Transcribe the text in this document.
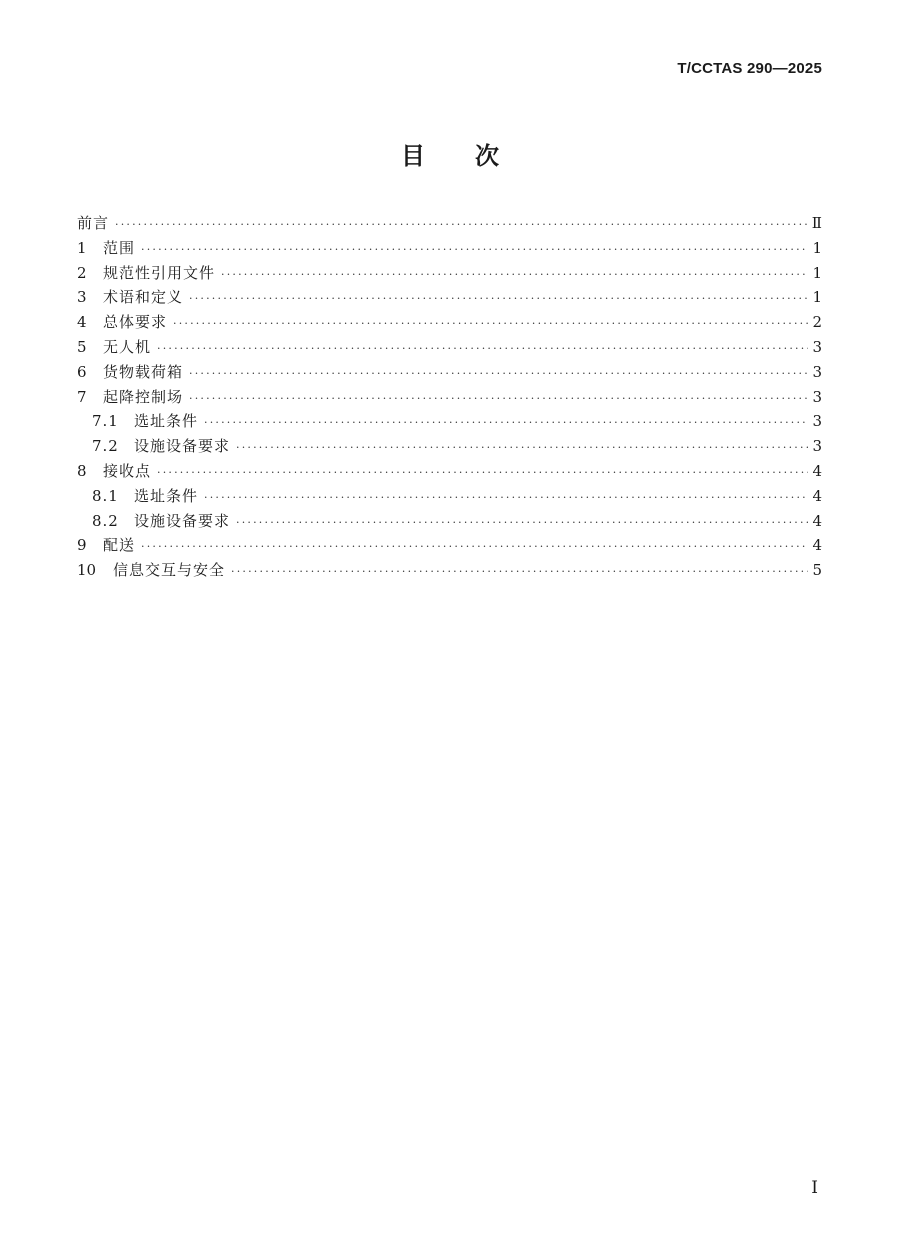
T/CCTAS 290—2025
目 次
前言 ·····	Ⅱ
1	范围 ·····	1
2	规范性引用文件 ·····	1
3	术语和定义 ·····	1
4	总体要求 ·····	2
5	无人机 ·····	3
6	货物载荷箱 ·····	3
7	起降控制场 ·····	3
7.1	选址条件 ·····	3
7.2	设施设备要求 ·····	3
8	接收点 ·····	4
8.1	选址条件 ·····	4
8.2	设施设备要求 ·····	4
9	配送 ·····	4
10	信息交互与安全 ·····	5
I
